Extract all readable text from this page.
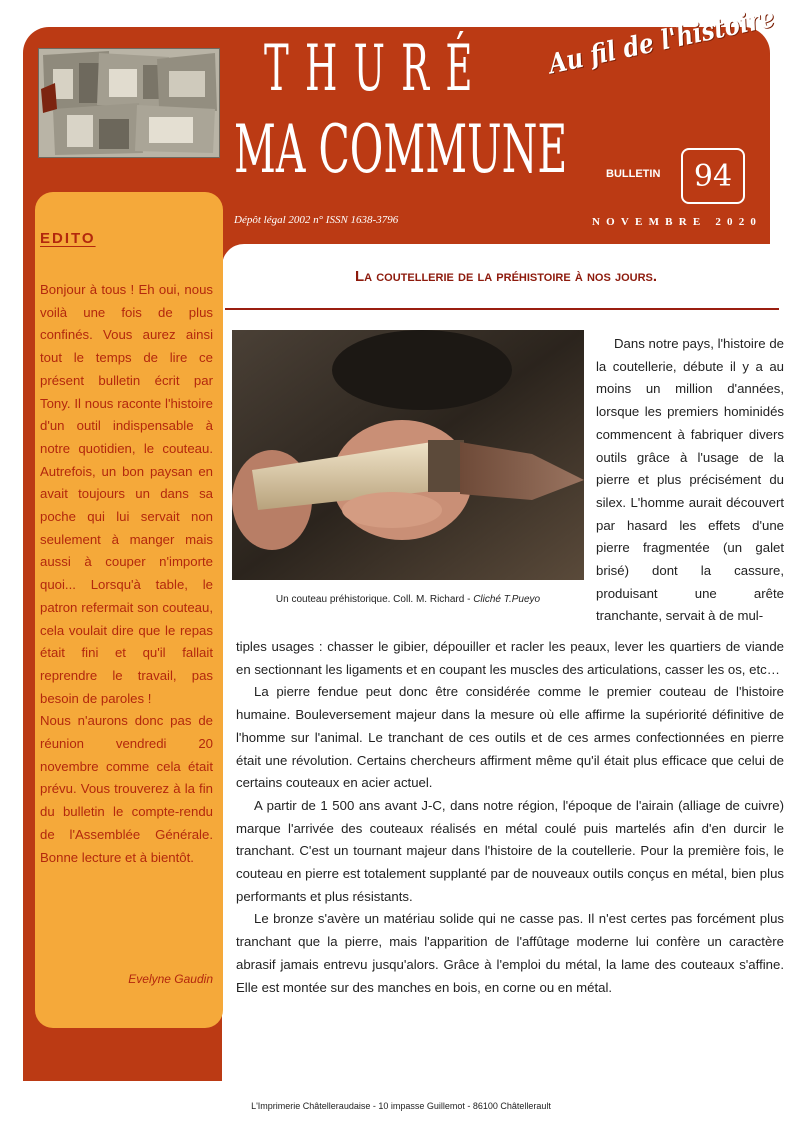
THURÉ
MA COMMUNE
Au fil de l'histoire
BULLETIN 94
Dépôt légal 2002 n° ISSN 1638-3796	NOVEMBRE 2020
EDITO

Bonjour à tous ! Eh oui, nous voilà une fois de plus confinés. Vous aurez ainsi tout le temps de lire ce présent bulletin écrit par Tony. Il nous raconte l'histoire d'un outil indispensable à notre quotidien, le couteau. Autrefois, un bon paysan en avait toujours un dans sa poche qui lui servait non seulement à manger mais aussi à couper n'importe quoi... Lorsqu'à table, le patron refermait son couteau, cela voulait dire que le repas était fini et qu'il fallait reprendre le travail, pas besoin de paroles !

Nous n'aurons donc pas de réunion vendredi 20 novembre comme cela était prévu. Vous trouverez à la fin du bulletin le compte-rendu de l'Assemblée Générale. Bonne lecture et à bientôt.

Evelyne Gaudin
La coutellerie de la préhistoire à nos jours.
Un couteau préhistorique. Coll. M. Richard - Cliché T.Pueyo

Dans notre pays, l'histoire de la coutellerie, débute il y a au moins un million d'années, lorsque les premiers hominidés commencent à fabriquer divers outils grâce à l'usage de la pierre et plus précisément du silex. L'homme aurait découvert par hasard les effets d'une pierre fragmentée (un galet brisé) dont la cassure, produisant une arête tranchante, servait à de mul-

tiples usages : chasser le gibier, dépouiller et racler les peaux, lever les quartiers de viande en sectionnant les ligaments et en coupant les muscles des articulations, casser les os, etc…

La pierre fendue peut donc être considérée comme le premier couteau de l'histoire humaine. Bouleversement majeur dans la mesure où elle affirme la supériorité définitive de l'homme sur l'animal. Le tranchant de ces outils et de ces armes confectionnées en pierre était une révolution. Certains chercheurs affirment même qu'il était plus efficace que celui de certains couteaux en acier actuel.

A partir de 1 500 ans avant J-C, dans notre région, l'époque de l'airain (alliage de cuivre) marque l'arrivée des couteaux réalisés en métal coulé puis martelés afin d'en durcir le tranchant. C'est un tournant majeur dans l'histoire de la coutellerie. Pour la première fois, le couteau en pierre est totalement supplanté par de nouveaux outils conçus en métal, bien plus performants et plus résistants.

Le bronze s'avère un matériau solide qui ne casse pas. Il n'est certes pas forcément plus tranchant que la pierre, mais l'apparition de l'affûtage moderne lui confère un caractère abrasif jamais entrevu jusqu'alors. Grâce à l'emploi du métal, la lame des couteaux s'affine. Elle est montée sur des manches en bois, en corne ou en métal.

L'Imprimerie Châtelleraudaise - 10 impasse Guillemot - 86100 Châtellerault
